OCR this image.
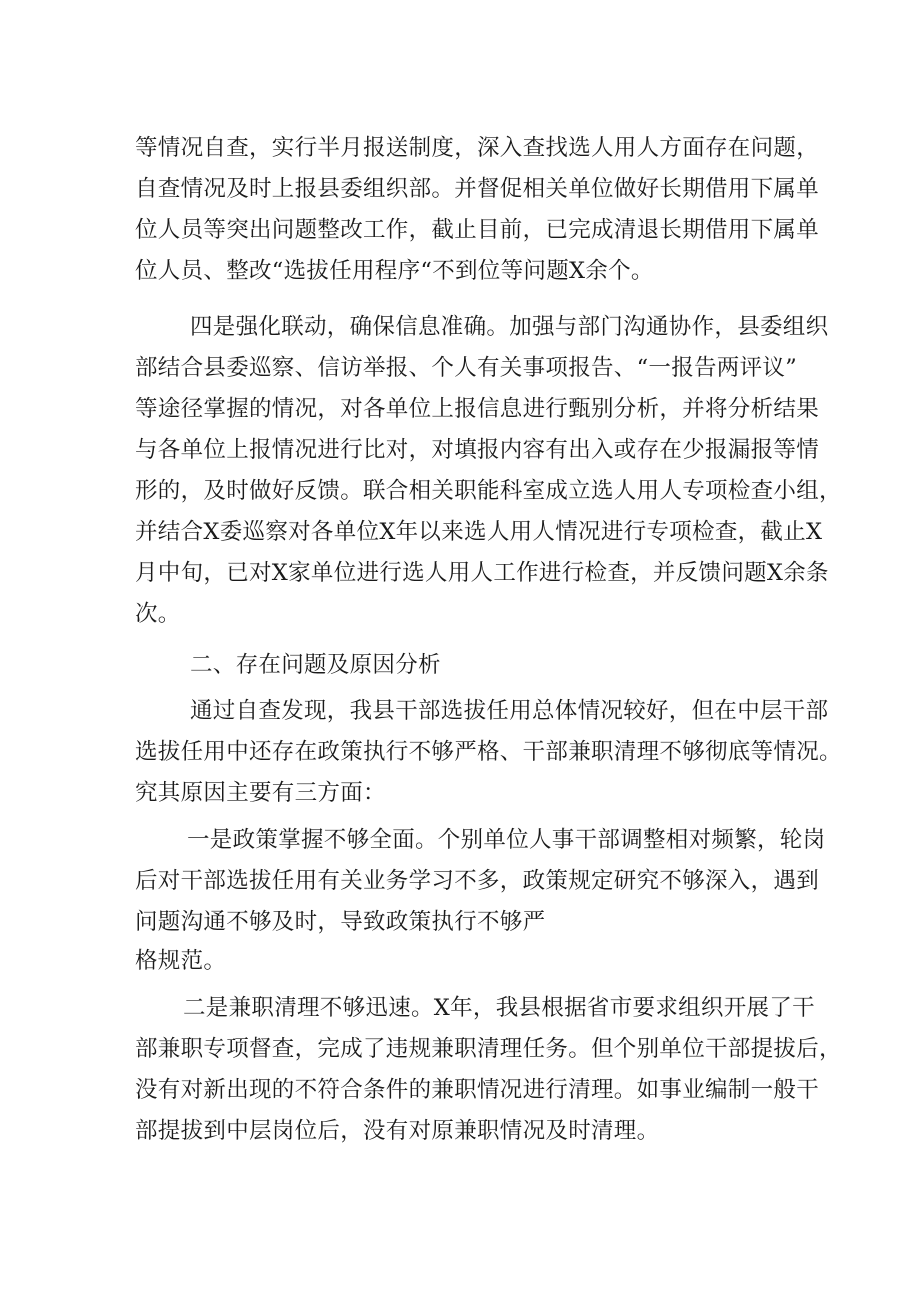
等情况自查，实行半月报送制度，深入查找选人用人方面存在问题，
自查情况及时上报县委组织部。并督促相关单位做好长期借用下属单
位人员等突出问题整改工作，截止目前，已完成清退长期借用下属单
位人员、整改“选拔任用程序“不到位等问题X余个。
四是强化联动，确保信息准确。加强与部门沟通协作，县委组织
部结合县委巡察、信访举报、个人有关事项报告、“一报告两评议”
等途径掌握的情况，对各单位上报信息进行甄别分析，并将分析结果
与各单位上报情况进行比对，对填报内容有出入或存在少报漏报等情
形的，及时做好反馈。联合相关职能科室成立选人用人专项检查小组，
并结合X委巡察对各单位X年以来选人用人情况进行专项检查，截止X
月中旬，已对X家单位进行选人用人工作进行检查，并反馈问题X余条
次。
二、存在问题及原因分析
通过自查发现，我县干部选拔任用总体情况较好，但在中层干部
选拔任用中还存在政策执行不够严格、干部兼职清理不够彻底等情况。
究其原因主要有三方面：
一是政策掌握不够全面。个别单位人事干部调整相对频繁，轮岗
后对干部选拔任用有关业务学习不多，政策规定研究不够深入，遇到
问题沟通不够及时，导致政策执行不够严
格规范。
二是兼职清理不够迅速。X年，我县根据省市要求组织开展了干
部兼职专项督查，完成了违规兼职清理任务。但个别单位干部提拔后，
没有对新出现的不符合条件的兼职情况进行清理。如事业编制一般干
部提拔到中层岗位后，没有对原兼职情况及时清理。
